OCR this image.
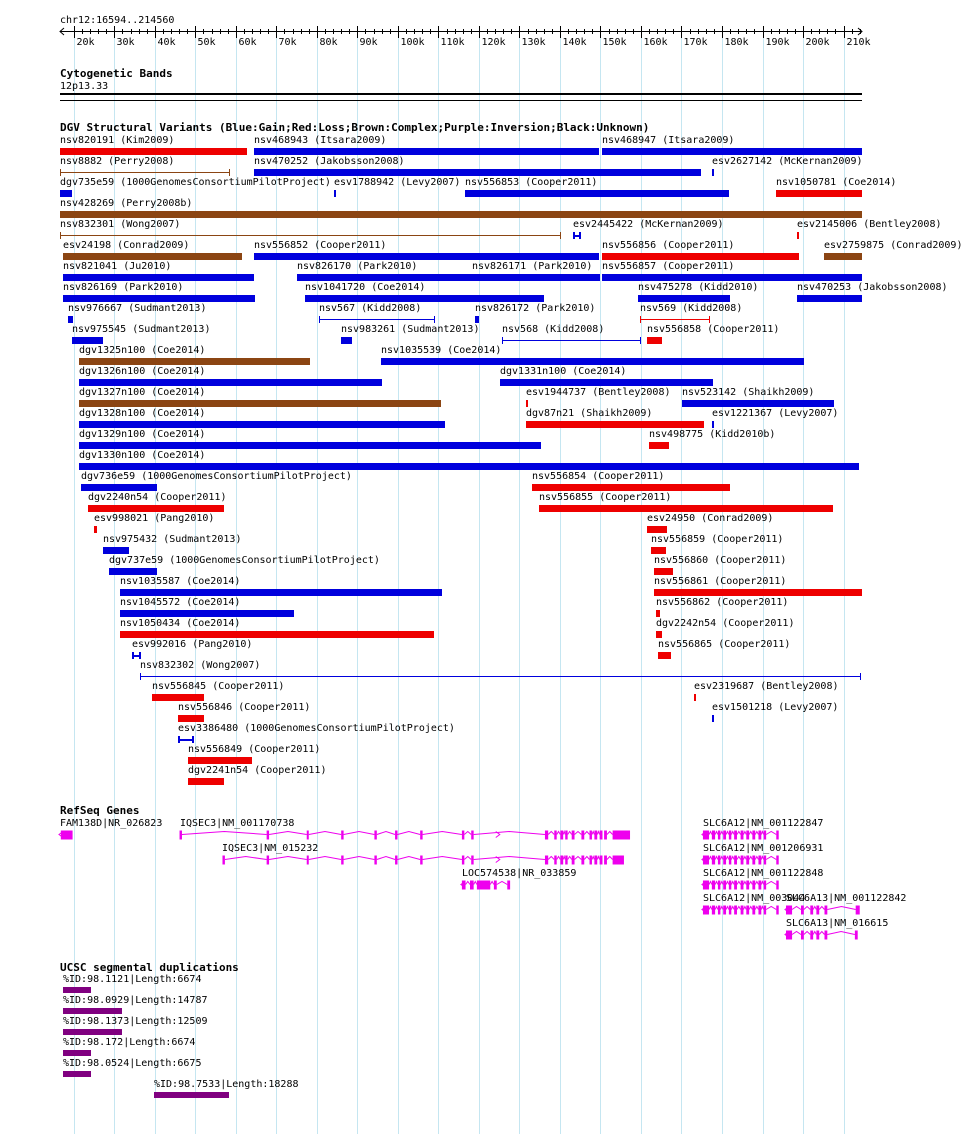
chr12:16594..214560
20k 30k 40k 50k 60k 70k 80k 90k 100k 110k 120k 130k 140k 150k 160k 170k 180k 190k 200k 210k
Cytogenetic Bands
12p13.33
DGV Structural Variants (Blue:Gain;Red:Loss;Brown:Complex;Purple:Inversion;Black:Unknown)
nsv820191 (Kim2009)	nsv468943 (Itsara2009)	nsv468947 (Itsara2009)
nsv8882 (Perry2008)	nsv470252 (Jakobsson2008)	esv2627142 (McKernan2009)
dgv735e59 (1000GenomesConsortiumPilotProject) esv1788942 (Levy2007) nsv556853 (Cooper2011)	nsv1050781 (Coe2014)
nsv428269 (Perry2008b)
nsv832301 (Wong2007)	esv2445422 (McKernan2009)	esv2145006 (Bentley2008)
esv24198 (Conrad2009)	nsv556852 (Cooper2011)	nsv556856 (Cooper2011)	esv2759875 (Conrad2009)
nsv821041 (Ju2010)	nsv826170 (Park2010)	nsv826171 (Park2010) nsv556857 (Cooper2011)
nsv826169 (Park2010)	nsv1041720 (Coe2014)	nsv475278 (Kidd2010)	nsv470253 (Jakobsson2008)
nsv976667 (Sudmant2013)	nsv567 (Kidd2008)	nsv826172 (Park2010)	nsv569 (Kidd2008)
nsv975545 (Sudmant2013)	nsv983261 (Sudmant2013) nsv568 (Kidd2008)	nsv556858 (Cooper2011)
dgv1325n100 (Coe2014)	nsv1035539 (Coe2014)
dgv1326n100 (Coe2014)	dgv1331n100 (Coe2014)
dgv1327n100 (Coe2014)	esv1944737 (Bentley2008) nsv523142 (Shaikh2009)
dgv1328n100 (Coe2014)	dgv87n21 (Shaikh2009)	esv1221367 (Levy2007)
dgv1329n100 (Coe2014)	nsv498775 (Kidd2010b)
dgv1330n100 (Coe2014)
dgv736e59 (1000GenomesConsortiumPilotProject)	nsv556854 (Cooper2011)
dgv2240n54 (Cooper2011)	nsv556855 (Cooper2011)
esv998021 (Pang2010)	esv24950 (Conrad2009)
nsv975432 (Sudmant2013)	nsv556859 (Cooper2011)
dgv737e59 (1000GenomesConsortiumPilotProject)	nsv556860 (Cooper2011)
nsv1035587 (Coe2014)	nsv556861 (Cooper2011)
nsv1045572 (Coe2014)	nsv556862 (Cooper2011)
nsv1050434 (Coe2014)	dgv2242n54 (Cooper2011)
esv992016 (Pang2010)	nsv556865 (Cooper2011)
nsv832302 (Wong2007)
nsv556845 (Cooper2011)	esv2319687 (Bentley2008)
nsv556846 (Cooper2011)	esv1501218 (Levy2007)
esv3386480 (1000GenomesConsortiumPilotProject)
nsv556849 (Cooper2011)
dgv2241n54 (Cooper2011)
RefSeq Genes
FAM138D|NR_026823 IQSEC3|NM_001170738	SLC6A12|NM_001122847
IQSEC3|NM_015232	SLC6A12|NM_001206931
LOC574538|NR_033859	SLC6A12|NM_001122848
SLC6A12|NM_003044
SLC6A13|NM_001122842
SLC6A13|NM_016615
UCSC segmental duplications
%ID:98.1121|Length:6674
%ID:98.0929|Length:14787
%ID:98.1373|Length:12509
%ID:98.172|Length:6674
%ID:98.0524|Length:6675
%ID:98.7533|Length:18288
